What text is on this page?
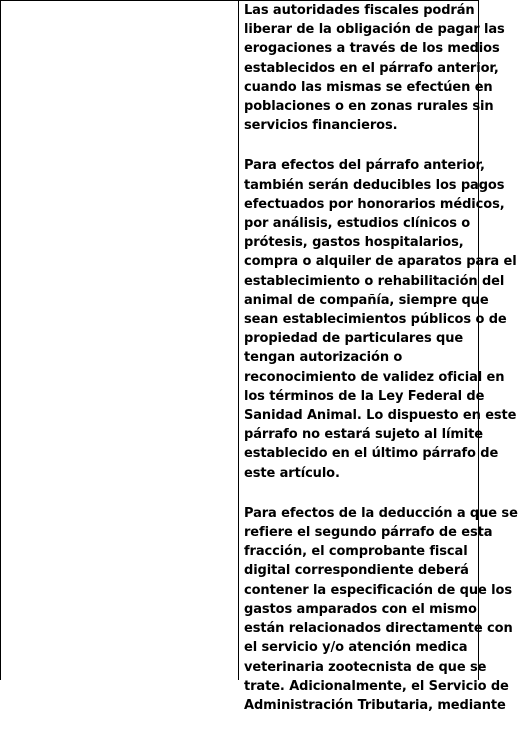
Las autoridades fiscales podrán
liberar de la obligación de pagar las
erogaciones a través de los medios
establecidos en el párrafo anterior,
cuando las mismas se efectúen en
poblaciones o en zonas rurales sin
servicios financieros.

Para efectos del párrafo anterior,
también serán deducibles los pagos
efectuados por honorarios médicos,
por análisis, estudios clínicos o
prótesis, gastos hospitalarios,
compra o alquiler de aparatos para el
establecimiento o rehabilitación del
animal de compañía, siempre que
sean establecimientos públicos o de
propiedad de particulares que
tengan autorización o
reconocimiento de validez oficial en
los términos de la Ley Federal de
Sanidad Animal. Lo dispuesto en este
párrafo no estará sujeto al límite
establecido en el último párrafo de
este artículo.

Para efectos de la deducción a que se
refiere el segundo párrafo de esta
fracción, el comprobante fiscal
digital correspondiente deberá
contener la especificación de que los
gastos amparados con el mismo
están relacionados directamente con
el servicio y/o atención medica
veterinaria zootecnista de que se
trate. Adicionalmente, el Servicio de
Administración Tributaria, mediante
